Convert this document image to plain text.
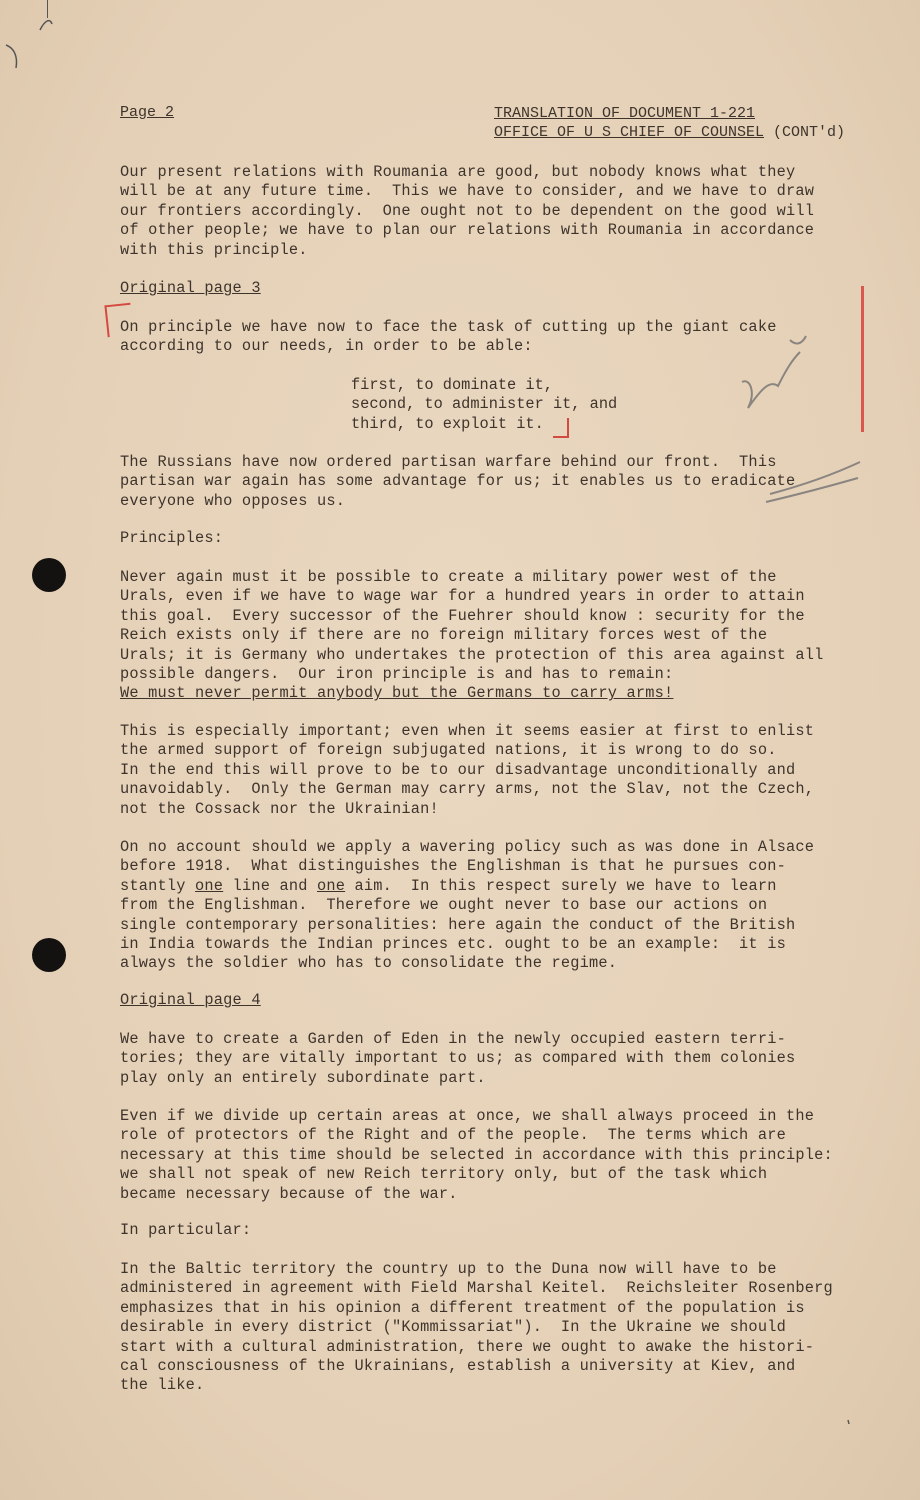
Page 2	TRANSLATION OF DOCUMENT 1-221
OFFICE OF U S CHIEF OF COUNSEL (CONT'd)
Our present relations with Roumania are good, but nobody knows what they
will be at any future time.  This we have to consider, and we have to draw
our frontiers accordingly.  One ought not to be dependent on the good will
of other people; we have to plan our relations with Roumania in accordance
with this principle.
Original page 3
On principle we have now to face the task of cutting up the giant cake
according to our needs, in order to be able:
first, to dominate it,
second, to administer it, and
third, to exploit it.
The Russians have now ordered partisan warfare behind our front.  This
partisan war again has some advantage for us; it enables us to eradicate
everyone who opposes us.
Principles:
Never again must it be possible to create a military power west of the
Urals, even if we have to wage war for a hundred years in order to attain
this goal.  Every successor of the Fuehrer should know : security for the
Reich exists only if there are no foreign military forces west of the
Urals; it is Germany who undertakes the protection of this area against all
possible dangers.  Our iron principle is and has to remain:
We must never permit anybody but the Germans to carry arms!
This is especially important; even when it seems easier at first to enlist
the armed support of foreign subjugated nations, it is wrong to do so.
In the end this will prove to be to our disadvantage unconditionally and
unavoidably.  Only the German may carry arms, not the Slav, not the Czech,
not the Cossack nor the Ukrainian!
On no account should we apply a wavering policy such as was done in Alsace
before 1918.  What distinguishes the Englishman is that he pursues con-
stantly one line and one aim.  In this respect surely we have to learn
from the Englishman.  Therefore we ought never to base our actions on
single contemporary personalities: here again the conduct of the British
in India towards the Indian princes etc. ought to be an example:  it is
always the soldier who has to consolidate the regime.
Original page 4
We have to create a Garden of Eden in the newly occupied eastern terri-
tories; they are vitally important to us; as compared with them colonies
play only an entirely subordinate part.
Even if we divide up certain areas at once, we shall always proceed in the
role of protectors of the Right and of the people.  The terms which are
necessary at this time should be selected in accordance with this principle:
we shall not speak of new Reich territory only, but of the task which
became necessary because of the war.
In particular:
In the Baltic territory the country up to the Duna now will have to be
administered in agreement with Field Marshal Keitel.  Reichsleiter Rosenberg
emphasizes that in his opinion a different treatment of the population is
desirable in every district ("Kommissariat").  In the Ukraine we should
start with a cultural administration, there we ought to awake the histori-
cal consciousness of the Ukrainians, establish a university at Kiev, and
the like.
